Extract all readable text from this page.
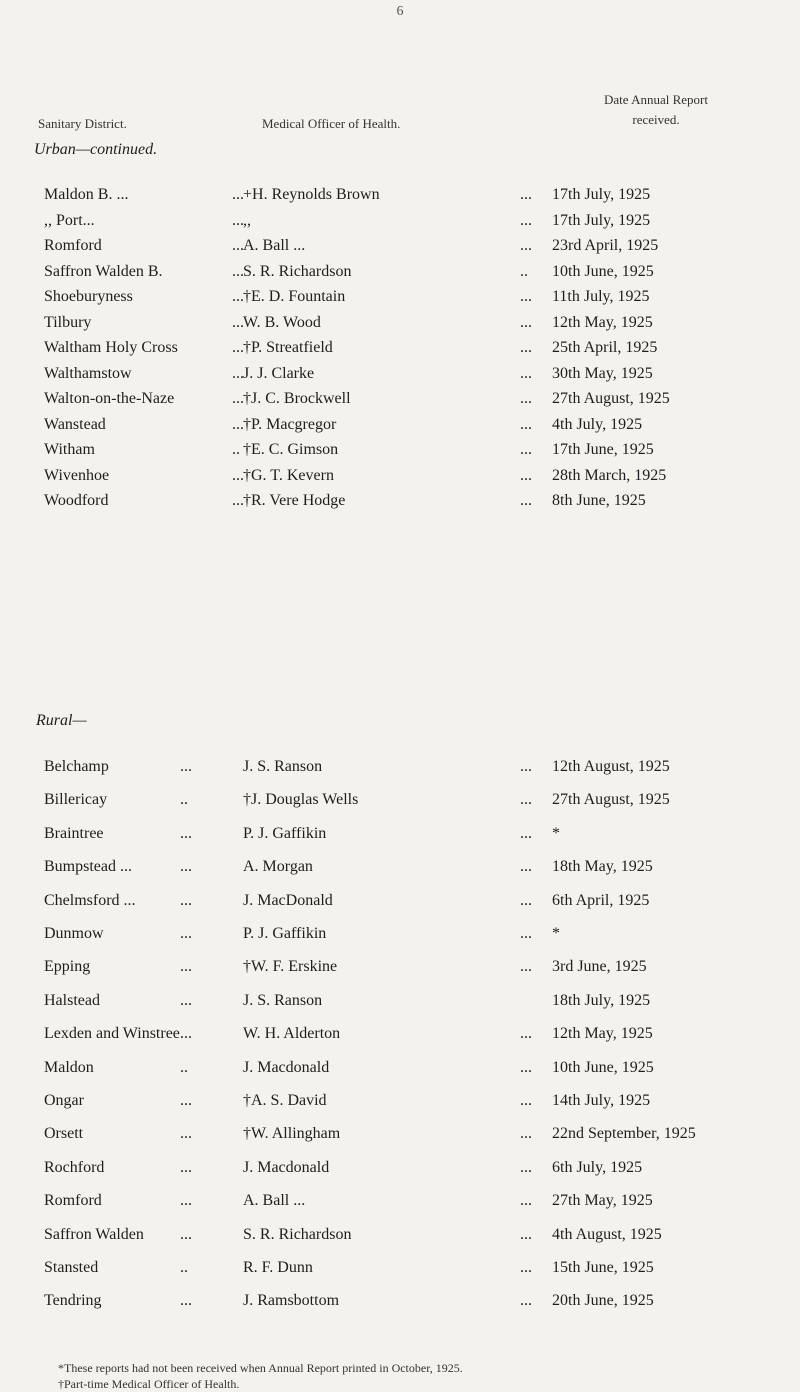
6
Sanitary District.	Medical Officer of Health.
Date Annual Report
received.
Urban—continued.
Maldon B. ...	... +H. Reynolds Brown	... 17th July, 1925
,, Port...	... ,,	... 17th July, 1925
Romford	... A. Ball ...	... 23rd April, 1925
Saffron Walden B.	... S. R. Richardson	.. 10th June, 1925
Shoeburyness	... †E. D. Fountain	... 11th July, 1925
Tilbury	... W. B. Wood	... 12th May, 1925
Waltham Holy Cross	... †P. Streatfield	... 25th April, 1925
Walthamstow	... J. J. Clarke	... 30th May, 1925
Walton-on-the-Naze	... †J. C. Brockwell	... 27th August, 1925
Wanstead	... †P. Macgregor	... 4th July, 1925
Witham	.. †E. C. Gimson	... 17th June, 1925
Wivenhoe	... †G. T. Kevern	... 28th March, 1925
Woodford	... †R. Vere Hodge	... 8th June, 1925
Rural—
Belchamp	...	J. S. Ranson	... 12th August, 1925
Billericay	..	†J. Douglas Wells	... 27th August, 1925
Braintree	...	P. J. Gaffikin	... *
Bumpstead ...	...	A. Morgan	... 18th May, 1925
Chelmsford ...	...	J. MacDonald	... 6th April, 1925
Dunmow	...	P. J. Gaffikin	... *
Epping	...	†W. F. Erskine	... 3rd June, 1925
Halstead	...	J. S. Ranson	18th July, 1925
Lexden and Winstree ...	W. H. Alderton	... 12th May, 1925
Maldon	..	J. Macdonald	... 10th June, 1925
Ongar	...	†A. S. David	... 14th July, 1925
Orsett	...	†W. Allingham	... 22nd September, 1925
Rochford	...	J. Macdonald	... 6th July, 1925
Romford	...	A. Ball ...	... 27th May, 1925
Saffron Walden ...	S. R. Richardson	... 4th August, 1925
Stansted	..	R. F. Dunn	... 15th June, 1925
Tendring	...	J. Ramsbottom	... 20th June, 1925
*These reports had not been received when Annual Report printed in October, 1925.
†Part-time Medical Officer of Health.
